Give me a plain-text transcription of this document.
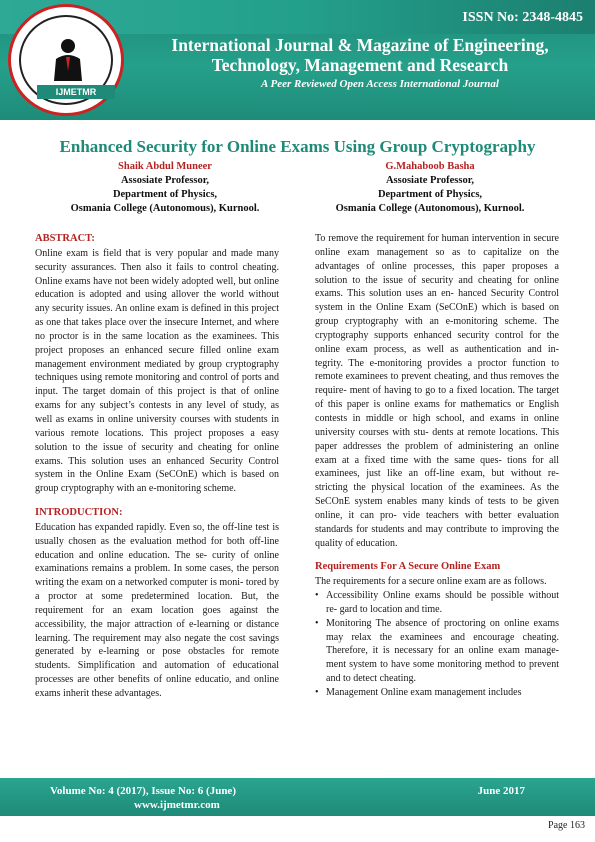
IJMETMR
ISSN No: 2348-4845
International Journal & Magazine of Engineering,
Technology, Management and Research
A Peer Reviewed Open Access International Journal
Enhanced Security for Online Exams Using Group Cryptography
Shaik Abdul Muneer
Assosiate Professor,
Department of Physics,
Osmania College (Autonomous), Kurnool.
G.Mahaboob Basha
Assosiate Professor,
Department of Physics,
Osmania College (Autonomous), Kurnool.
ABSTRACT:
Online exam is field that is very popular and made many security assurances. Then also it fails to control cheating. Online exams have not been widely adopted well, but online education is adopted and using allover the world without any security issues. An online exam is defined in this project as one that takes place over the insecure Internet, and where no proctor is in the same location as the examinees. This project proposes an enhanced secure filled online exam management environment mediated by group cryptography techniques using remote monitoring and control of ports and input. The target domain of this project is that of online exams for any subject’s contests in any level of study, as well as exams in online university courses with students in various remote locations. This project proposes a easy solution to the issue of security and cheating for online exams. This solution uses an enhanced Security Control system in the Online Exam (SeCOnE) which is based on group cryptography with an e-monitoring scheme.
INTRODUCTION:
Education has expanded rapidly. Even so, the off-line test is usually chosen as the evaluation method for both off-line education and online education. The se- curity of online examinations remains a problem. In some cases, the person writing the exam on a networked computer is moni- tored by a proctor at some predetermined location. But, the requirement for an exam location goes against the accessibility, the major attraction of e-learning or distance learning. The requirement may also negate the cost savings generated by e-learning or pose obstacles for remote students. Simplification and automation of educational processes are other benefits of online educatio, and online exams inherit these advantages.
To remove the requirement for human intervention in secure online exam management so as to capitalize on the advantages of online processes, this paper proposes a solution to the issue of security and cheating for online exams. This solution uses an en- hanced Security Control system in the Online Exam (SeCOnE) which is based on group cryptography with an e-monitoring scheme. The cryptography supports enhanced security control for the online exam process, as well as authentication and in- tegrity. The e-monitoring provides a proctor function to remote examinees to prevent cheating, and thus removes the require- ment of having to go to a fixed location. The target of this paper is online exams for mathematics or English contests in middle or high school, and exams in online university courses with stu- dents at remote locations. This paper addresses the problem of administering an online exam at a fixed time with the same ques- tions for all examinees, just like an off-line exam, but without re- stricting the physical location of the examinees. As the SeCOnE system enables many kinds of tests to be given online, it can pro- vide teachers with better evaluation standards for students and may contribute to improving the quality of education.
Requirements For A Secure Online Exam
The requirements for a secure online exam are as follows.
• Accessibility Online exams should be possible without re- gard to location and time.
• Monitoring The absence of proctoring on online exams may relax the examinees and encourage cheating. Therefore, it is necessary for an online exam manage- ment system to have some monitoring method to prevent and to detect cheating.
• Management Online exam management includes
Volume No: 4 (2017), Issue No: 6 (June)
www.ijmetmr.com
June 2017
Page 163
